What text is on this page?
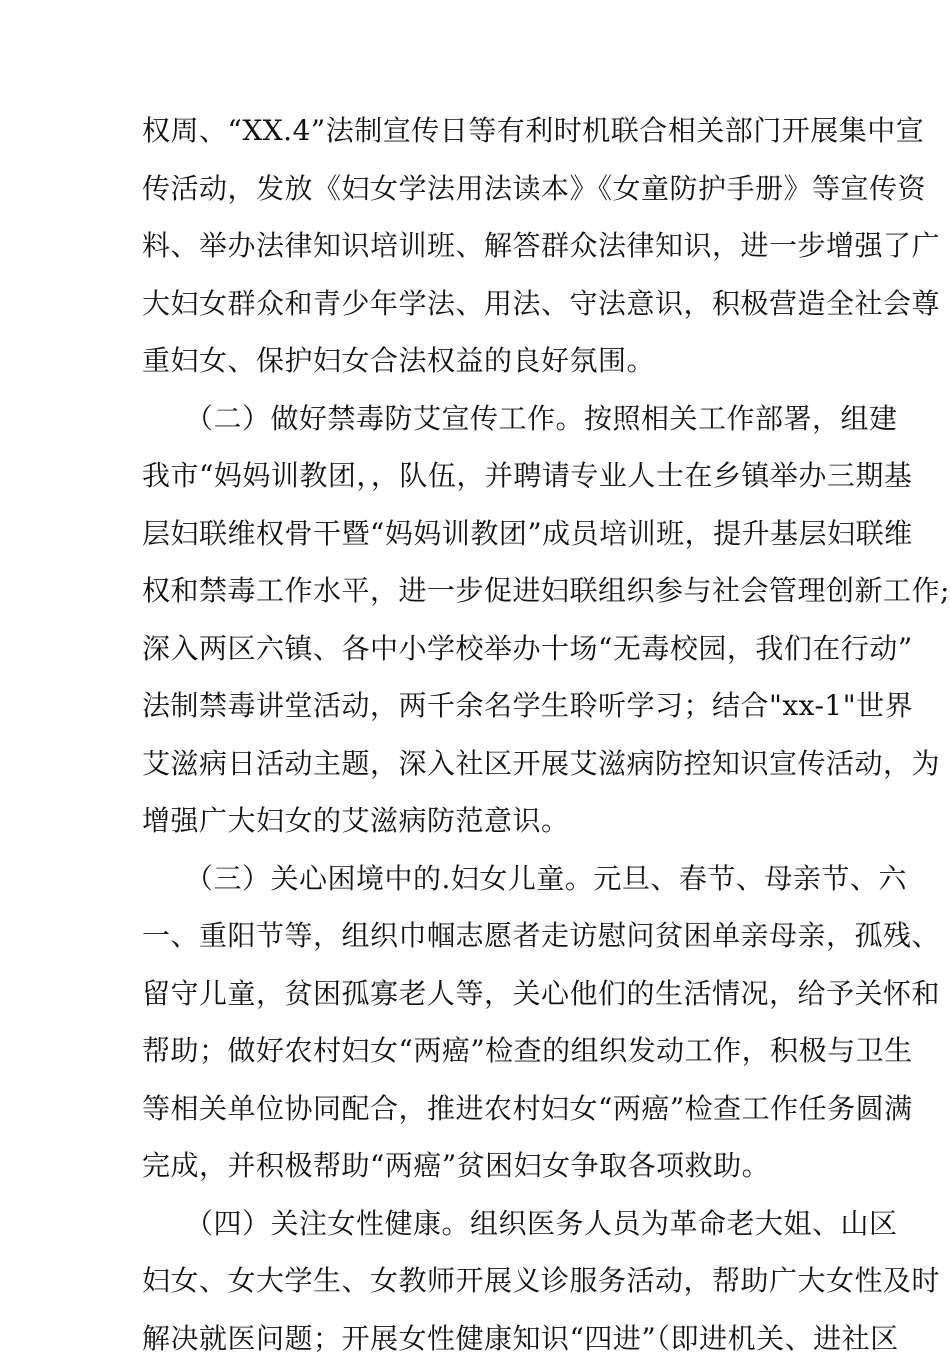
权周、“XX.4”法制宣传日等有利时机联合相关部门开展集中宣
传活动，发放《妇女学法用法读本》《女童防护手册》等宣传资
料、举办法律知识培训班、解答群众法律知识，进一步增强了广
大妇女群众和青少年学法、用法、守法意识，积极营造全社会尊
重妇女、保护妇女合法权益的良好氛围。
　　（二）做好禁毒防艾宣传工作。按照相关工作部署，组建
我市“妈妈训教团，，队伍，并聘请专业人士在乡镇举办三期基
层妇联维权骨干暨“妈妈训教团”成员培训班，提升基层妇联维
权和禁毒工作水平，进一步促进妇联组织参与社会管理创新工作;
深入两区六镇、各中小学校举办十场“无毒校园，我们在行动”
法制禁毒讲堂活动，两千余名学生聆听学习；结合"xx-1"世界
艾滋病日活动主题，深入社区开展艾滋病防控知识宣传活动，为
增强广大妇女的艾滋病防范意识。
　　（三）关心困境中的.妇女儿童。元旦、春节、母亲节、六
一、重阳节等，组织巾帼志愿者走访慰问贫困单亲母亲，孤残、
留守儿童，贫困孤寡老人等，关心他们的生活情况，给予关怀和
帮助；做好农村妇女“两癌”检查的组织发动工作，积极与卫生
等相关单位协同配合，推进农村妇女“两癌”检查工作任务圆满
完成，并积极帮助“两癌”贫困妇女争取各项救助。
　　（四）关注女性健康。组织医务人员为革命老大姐、山区
妇女、女大学生、女教师开展义诊服务活动，帮助广大女性及时
解决就医问题；开展女性健康知识“四进”（即进机关、进社区
